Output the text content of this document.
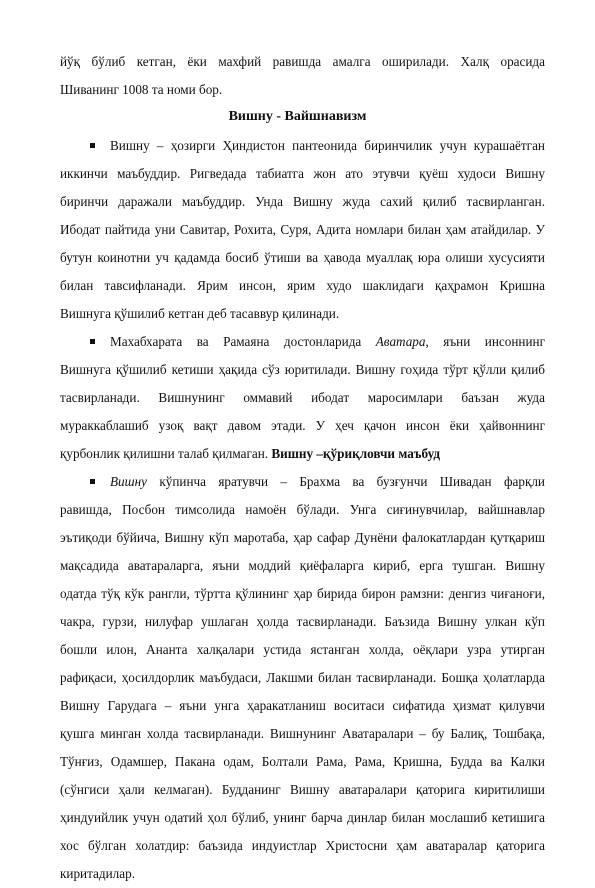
йўқ бўлиб кетган, ёки махфий равишда амалга оширилади. Халқ орасида
Шиванинг 1008 та номи бор.
Вишну - Вайшнавизм
Вишну – ҳозирги Ҳиндистон пантеонида биринчилик учун курашаётган
иккинчи маъбуддир. Ригведада табиатга жон ато этувчи қуёш худоси Вишну
биринчи даражали маъбуддир. Унда Вишну жуда сахий қилиб тасвирланган.
Ибодат пайтида уни Савитар, Рохита, Суря, Адита номлари билан ҳам атайдилар. У
бутун коинотни уч қадамда босиб ўтиши ва ҳавода муаллақ юра олиши хусусияти
билан тавсифланади. Ярим инсон, ярим худо шаклидаги қаҳрамон Кришна
Вишнуга қўшилиб кетган деб тасаввур қилинади.
Махабхарата ва Рамаяна достонларида Аватара, яъни инсоннинг
Вишнуга қўшилиб кетиши ҳақида сўз юритилади. Вишну гоҳида тўрт қўлли қилиб
тасвирланади. Вишнунинг оммавий ибодат маросимлари баъзан жуда
мураккаблашиб узоқ вақт давом этади. У ҳеч қачон инсон ёки ҳайвоннинг
қурбонлик қилишни талаб қилмаган. Вишну –қўриқловчи маъбуд
Вишну кўпинча яратувчи – Брахма ва бузғунчи Шивадан фарқли
равишда, Посбон тимсолида намоён бўлади. Унга сиғинувчилар, вайшнавлар
эътиқоди бўйича, Вишну кўп маротаба, ҳар сафар Дунёни фалокатлардан қутқариш
мақсадида аватараларга, яъни моддий қиёфаларга кириб, ерга тушган. Вишну
одатда тўқ кўк рангли, тўртта қўлининг ҳар бирида бирон рамзни: денгиз чиғаноғи,
чакра, гурзи, нилуфар ушлаган ҳолда тасвирланади. Баъзида Вишну улкан кўп
бошли илон, Ананта халқалари устида ястанган холда, оёқлари узра утирган
рафиқаси, ҳосилдорлик маъбудаси, Лакшми билан тасвирланади. Бошқа ҳолатларда
Вишну Гарудага – яъни унга ҳаракатланиш воситаси сифатида ҳизмат қилувчи
қушга минган холда тасвирланади. Вишнунинг Аватаралари – бу Балиқ, Тошбақа,
Тўнғиз, Одамшер, Пакана одам, Болтали Рама, Рама, Кришна, Будда ва Калки
(сўнгиси ҳали келмаган). Будданинг Вишну аватаралари қаторига киритилиши
ҳиндуийлик учун одатий ҳол бўлиб, унинг барча динлар билан мослашиб кетишига
хос бўлган холатдир: баъзида индуистлар Христосни ҳам аватаралар қаторига
киритадилар.
